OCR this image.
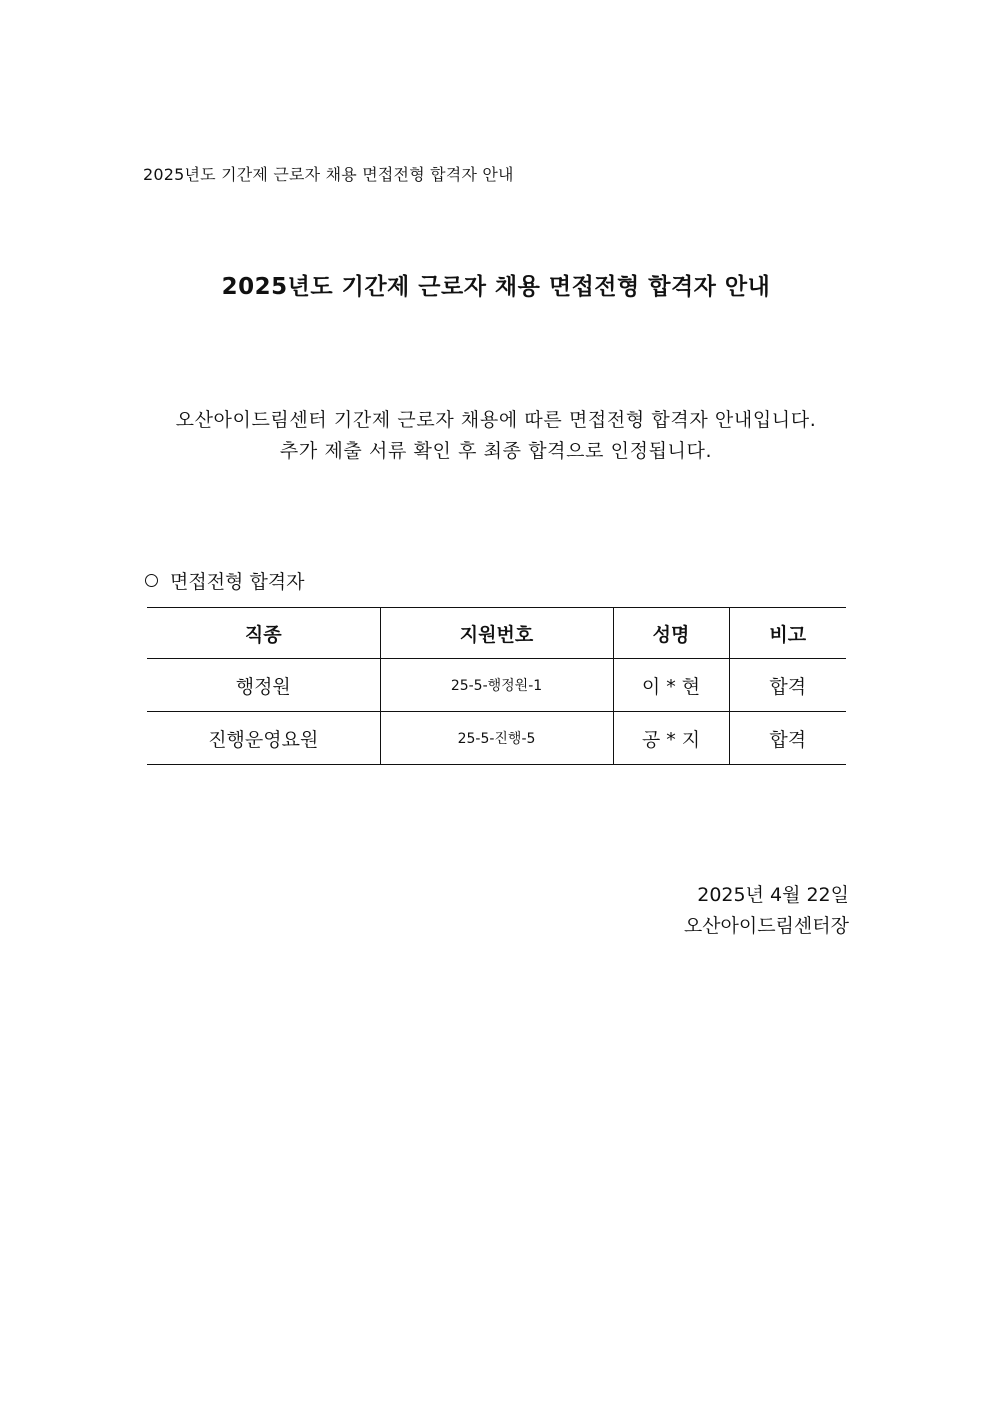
2025년도 기간제 근로자 채용 면접전형 합격자 안내
2025년도 기간제 근로자 채용 면접전형 합격자 안내
오산아이드림센터 기간제 근로자 채용에 따른 면접전형 합격자 안내입니다.
추가 제출 서류 확인 후 최종 합격으로 인정됩니다.
면접전형 합격자
직종	지원번호	성명	비고
행정원	25-5-행정원-1	이 * 현	합격
진행운영요원	25-5-진행-5	공 * 지	합격
2025년 4월 22일
오산아이드림센터장
